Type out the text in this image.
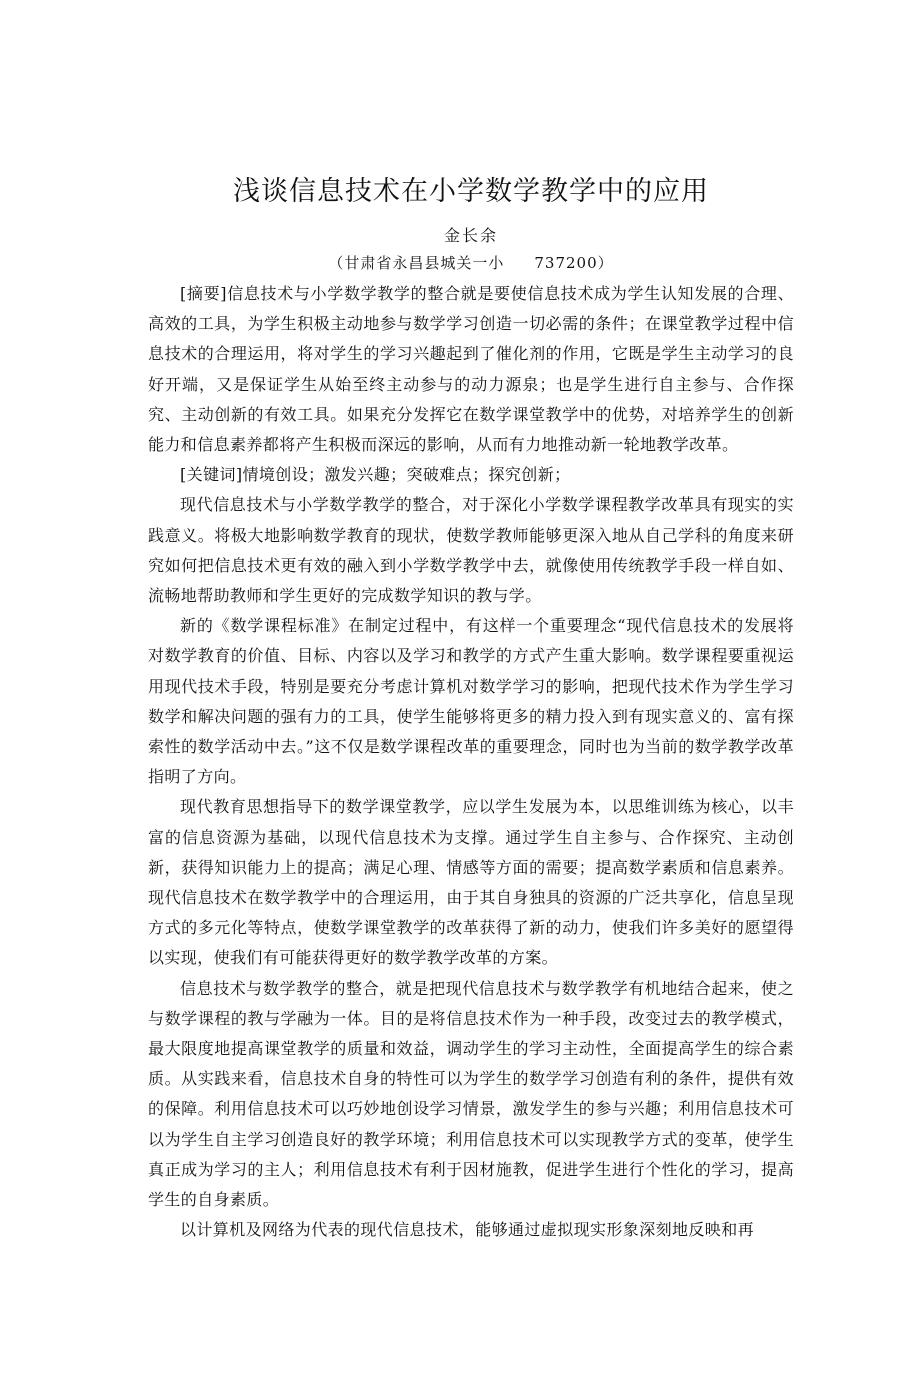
浅谈信息技术在小学数学教学中的应用
金长余
（甘肃省永昌县城关一小 737200）

[摘要]信息技术与小学数学教学的整合就是要使信息技术成为学生认知发展的合理、高效的工具，为学生积极主动地参与数学学习创造一切必需的条件；在课堂教学过程中信息技术的合理运用，将对学生的学习兴趣起到了催化剂的作用，它既是学生主动学习的良好开端，又是保证学生从始至终主动参与的动力源泉；也是学生进行自主参与、合作探究、主动创新的有效工具。如果充分发挥它在数学课堂教学中的优势，对培养学生的创新能力和信息素养都将产生积极而深远的影响，从而有力地推动新一轮地教学改革。

[关键词]情境创设；激发兴趣；突破难点；探究创新；

现代信息技术与小学数学教学的整合，对于深化小学数学课程教学改革具有现实的实践意义。将极大地影响数学教育的现状，使数学教师能够更深入地从自己学科的角度来研究如何把信息技术更有效的融入到小学数学教学中去，就像使用传统教学手段一样自如、流畅地帮助教师和学生更好的完成数学知识的教与学。

新的《数学课程标准》在制定过程中，有这样一个重要理念“现代信息技术的发展将对数学教育的价值、目标、内容以及学习和教学的方式产生重大影响。数学课程要重视运用现代技术手段，特别是要充分考虑计算机对数学学习的影响，把现代技术作为学生学习数学和解决问题的强有力的工具，使学生能够将更多的精力投入到有现实意义的、富有探索性的数学活动中去。”这不仅是数学课程改革的重要理念，同时也为当前的数学教学改革指明了方向。

现代教育思想指导下的数学课堂教学，应以学生发展为本，以思维训练为核心，以丰富的信息资源为基础，以现代信息技术为支撑。通过学生自主参与、合作探究、主动创新，获得知识能力上的提高；满足心理、情感等方面的需要；提高数学素质和信息素养。现代信息技术在数学教学中的合理运用，由于其自身独具的资源的广泛共享化，信息呈现方式的多元化等特点，使数学课堂教学的改革获得了新的动力，使我们许多美好的愿望得以实现，使我们有可能获得更好的数学教学改革的方案。

信息技术与数学教学的整合，就是把现代信息技术与数学教学有机地结合起来，使之与数学课程的教与学融为一体。目的是将信息技术作为一种手段，改变过去的教学模式，最大限度地提高课堂教学的质量和效益，调动学生的学习主动性，全面提高学生的综合素质。从实践来看，信息技术自身的特性可以为学生的数学学习创造有利的条件，提供有效的保障。利用信息技术可以巧妙地创设学习情景，激发学生的参与兴趣；利用信息技术可以为学生自主学习创造良好的教学环境；利用信息技术可以实现教学方式的变革，使学生真正成为学习的主人；利用信息技术有利于因材施教，促进学生进行个性化的学习，提高学生的自身素质。

以计算机及网络为代表的现代信息技术，能够通过虚拟现实形象深刻地反映和再
